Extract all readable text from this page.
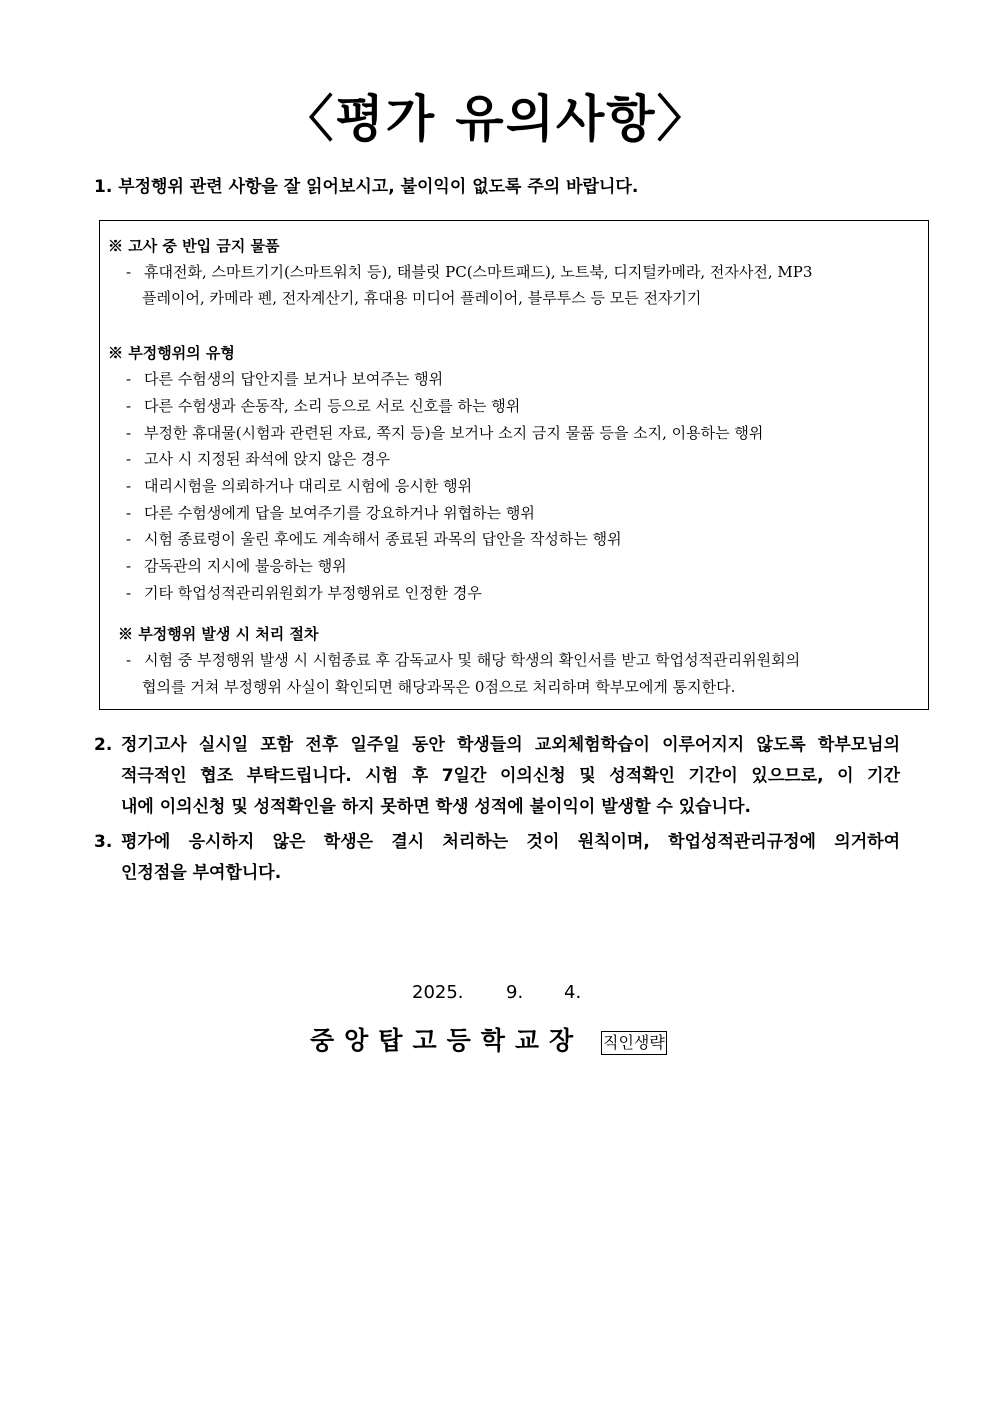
〈평가 유의사항〉

1. 부정행위 관련 사항을 잘 읽어보시고, 불이익이 없도록 주의 바랍니다.

※ 고사 중 반입 금지 물품

- 휴대전화, 스마트기기(스마트워치 등), 태블릿 PC(스마트패드), 노트북, 디지털카메라, 전자사전, MP3

플레이어, 카메라 펜, 전자계산기, 휴대용 미디어 플레이어, 블루투스 등 모든 전자기기

※ 부정행위의 유형

- 다른 수험생의 답안지를 보거나 보여주는 행위

- 다른 수험생과 손동작, 소리 등으로 서로 신호를 하는 행위

- 부정한 휴대물(시험과 관련된 자료, 쪽지 등)을 보거나 소지 금지 물품 등을 소지, 이용하는 행위

- 고사 시 지정된 좌석에 앉지 않은 경우

- 대리시험을 의뢰하거나 대리로 시험에 응시한 행위

- 다른 수험생에게 답을 보여주기를 강요하거나 위협하는 행위

- 시험 종료령이 울린 후에도 계속해서 종료된 과목의 답안을 작성하는 행위

- 감독관의 지시에 불응하는 행위

- 기타 학업성적관리위원회가 부정행위로 인정한 경우

※ 부정행위 발생 시 처리 절차

- 시험 중 부정행위 발생 시 시험종료 후 감독교사 및 해당 학생의 확인서를 받고 학업성적관리위원회의

협의를 거쳐 부정행위 사실이 확인되면 해당과목은 0점으로 처리하며 학부모에게 통지한다.

2. 정기고사 실시일 포함 전후 일주일 동안 학생들의 교외체험학습이 이루어지지 않도록 학부모님의
적극적인 협조 부탁드립니다. 시험 후 7일간 이의신청 및 성적확인 기간이 있으므로, 이 기간
내에 이의신청 및 성적확인을 하지 못하면 학생 성적에 불이익이 발생할 수 있습니다.
3. 평가에 응시하지 않은 학생은 결시 처리하는 것이 원칙이며, 학업성적관리규정에 의거하여
인정점을 부여합니다.
2025. 9. 4.
중앙탑고등학교장 직인생략
